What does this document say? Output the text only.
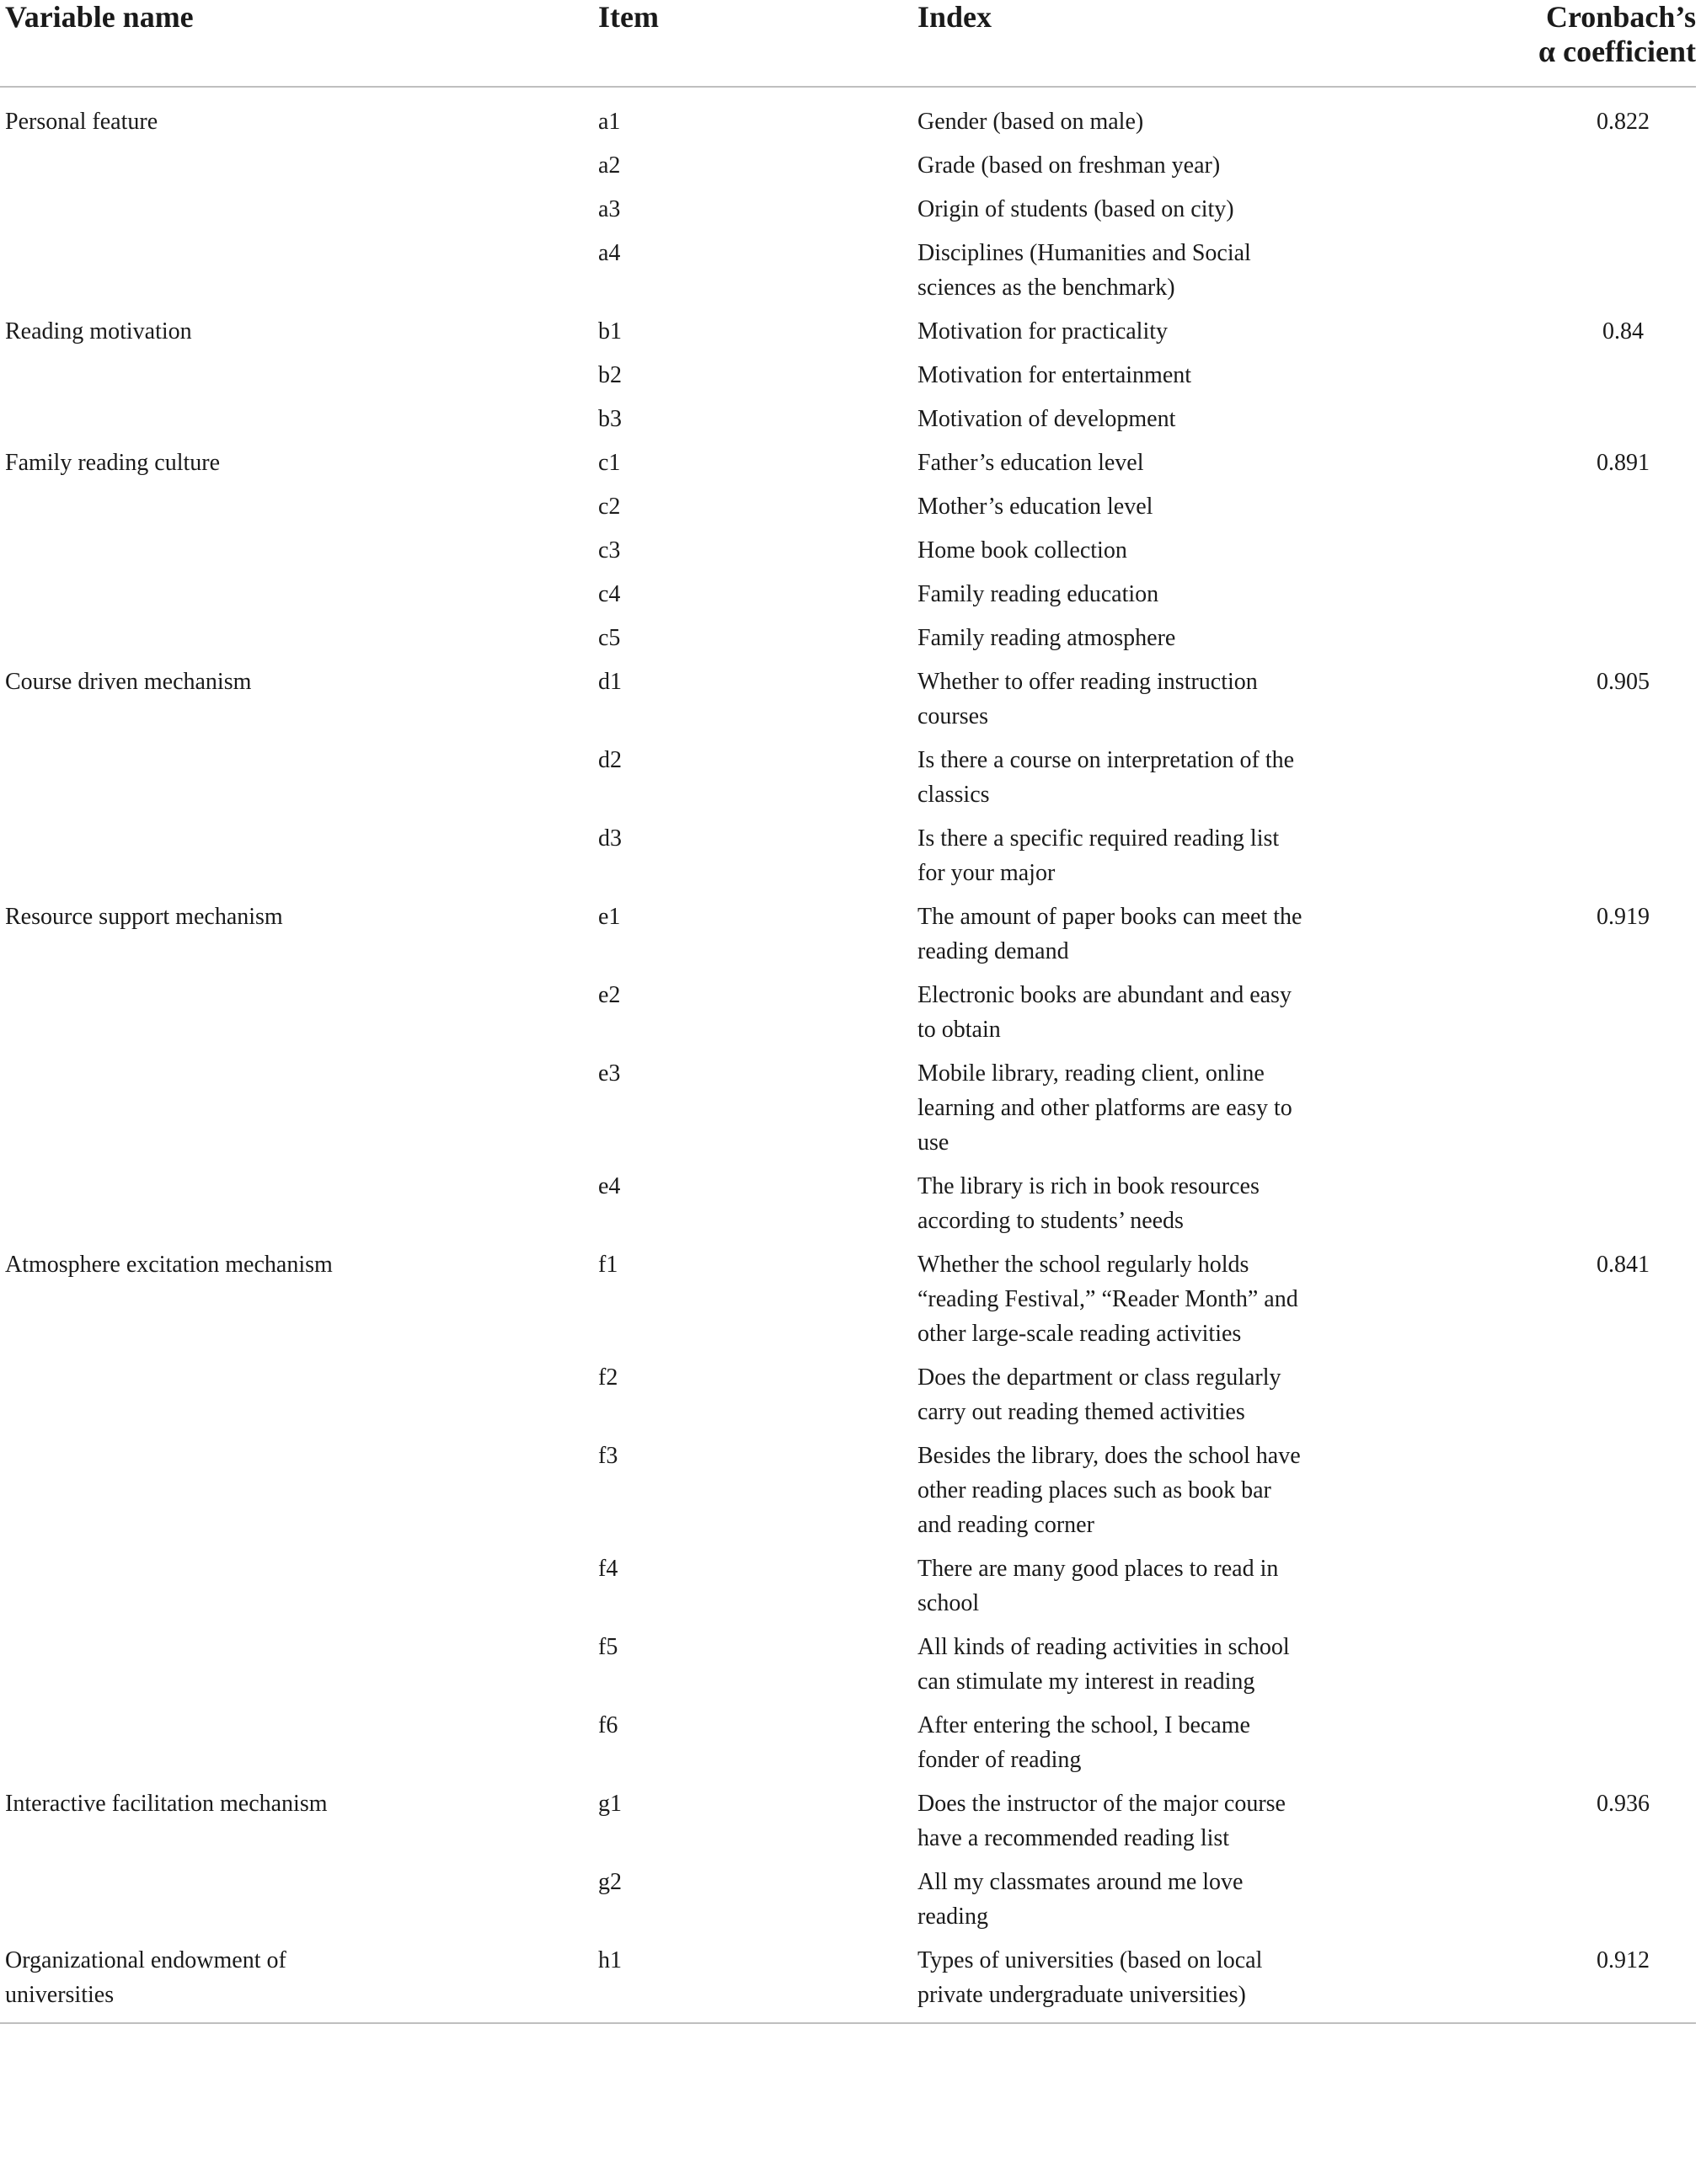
Variable name	Item	Index	Cronbach’s
α coefficient

Personal feature	a1	Gender (based on male)	0.822

	a2	Grade (based on freshman year)	

	a3	Origin of students (based on city)	

	a4	Disciplines (Humanities and Social sciences as the benchmark)	

Reading motivation	b1	Motivation for practicality	0.84

	b2	Motivation for entertainment	

	b3	Motivation of development	

Family reading culture	c1	Father’s education level	0.891

	c2	Mother’s education level	

	c3	Home book collection	

	c4	Family reading education	

	c5	Family reading atmosphere	

Course driven mechanism	d1	Whether to offer reading instruction courses	0.905

	d2	Is there a course on interpretation of the classics	

	d3	Is there a specific required reading list for your major	

Resource support mechanism	e1	The amount of paper books can meet the reading demand	0.919

	e2	Electronic books are abundant and easy to obtain	

	e3	Mobile library, reading client, online learning and other platforms are easy to use	

	e4	The library is rich in book resources according to students’ needs	

Atmosphere excitation mechanism	f1	Whether the school regularly holds “reading Festival,” “Reader Month” and other large-scale reading activities	0.841

	f2	Does the department or class regularly carry out reading themed activities	

	f3	Besides the library, does the school have other reading places such as book bar and reading corner	

	f4	There are many good places to read in school	

	f5	All kinds of reading activities in school can stimulate my interest in reading	

	f6	After entering the school, I became fonder of reading	

Interactive facilitation mechanism	g1	Does the instructor of the major course have a recommended reading list	0.936

	g2	All my classmates around me love reading	

Organizational endowment of universities	h1	Types of universities (based on local private undergraduate universities)	0.912
